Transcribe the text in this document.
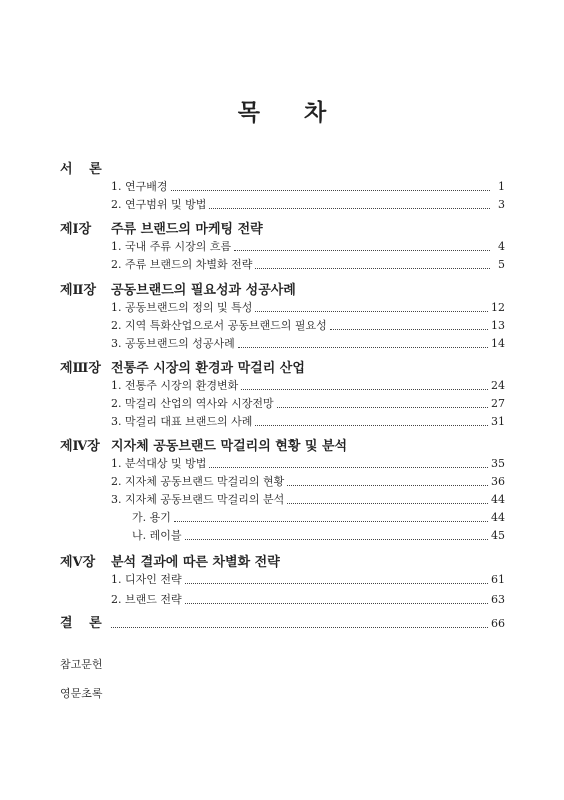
목 차
서 론
1. 연구배경	1
2. 연구범위 및 방법	3
제Ⅰ장 주류 브랜드의 마케팅 전략
1. 국내 주류 시장의 흐름	4
2. 주류 브랜드의 차별화 전략	5
제Ⅱ장 공동브랜드의 필요성과 성공사례
1. 공동브랜드의 정의 및 특성	12
2. 지역 특화산업으로서 공동브랜드의 필요성	13
3. 공동브랜드의 성공사례	14
제Ⅲ장 전통주 시장의 환경과 막걸리 산업
1. 전통주 시장의 환경변화	24
2. 막걸리 산업의 역사와 시장전망	27
3. 막걸리 대표 브랜드의 사례	31
제Ⅳ장 지자체 공동브랜드 막걸리의 현황 및 분석
1. 분석대상 및 방법	35
2. 지자체 공동브랜드 막걸리의 현황	36
3. 지자체 공동브랜드 막걸리의 분석	44
가. 용기	44
나. 레이블	45
제Ⅴ장 분석 결과에 따른 차별화 전략
1. 디자인 전략	61
2. 브랜드 전략	63
결 론	66
참고문헌
영문초록
